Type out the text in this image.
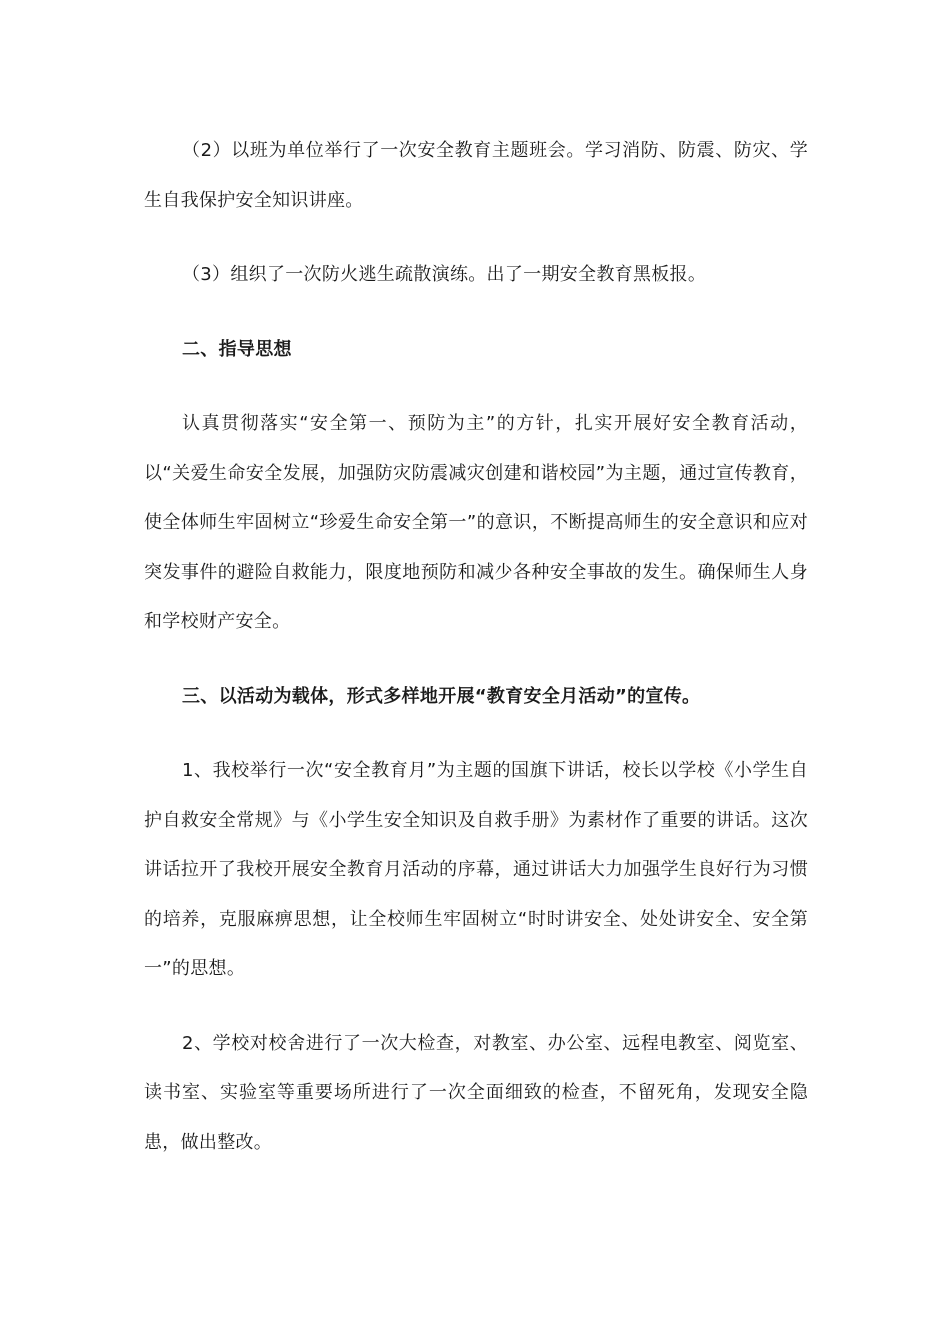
（2）以班为单位举行了一次安全教育主题班会。学习消防、防震、防灾、学生自我保护安全知识讲座。

（3）组织了一次防火逃生疏散演练。出了一期安全教育黑板报。

二、指导思想

认真贯彻落实“安全第一、预防为主”的方针，扎实开展好安全教育活动，以“关爱生命安全发展，加强防灾防震减灾创建和谐校园”为主题，通过宣传教育，使全体师生牢固树立“珍爱生命安全第一”的意识，不断提高师生的安全意识和应对突发事件的避险自救能力，限度地预防和减少各种安全事故的发生。确保师生人身和学校财产安全。

三、以活动为载体，形式多样地开展“教育安全月活动”的宣传。

1、我校举行一次“安全教育月”为主题的国旗下讲话，校长以学校《小学生自护自救安全常规》与《小学生安全知识及自救手册》为素材作了重要的讲话。这次讲话拉开了我校开展安全教育月活动的序幕，通过讲话大力加强学生良好行为习惯的培养，克服麻痹思想，让全校师生牢固树立“时时讲安全、处处讲安全、安全第一”的思想。

2、学校对校舍进行了一次大检查，对教室、办公室、远程电教室、阅览室、读书室、实验室等重要场所进行了一次全面细致的检查，不留死角，发现安全隐患，做出整改。
